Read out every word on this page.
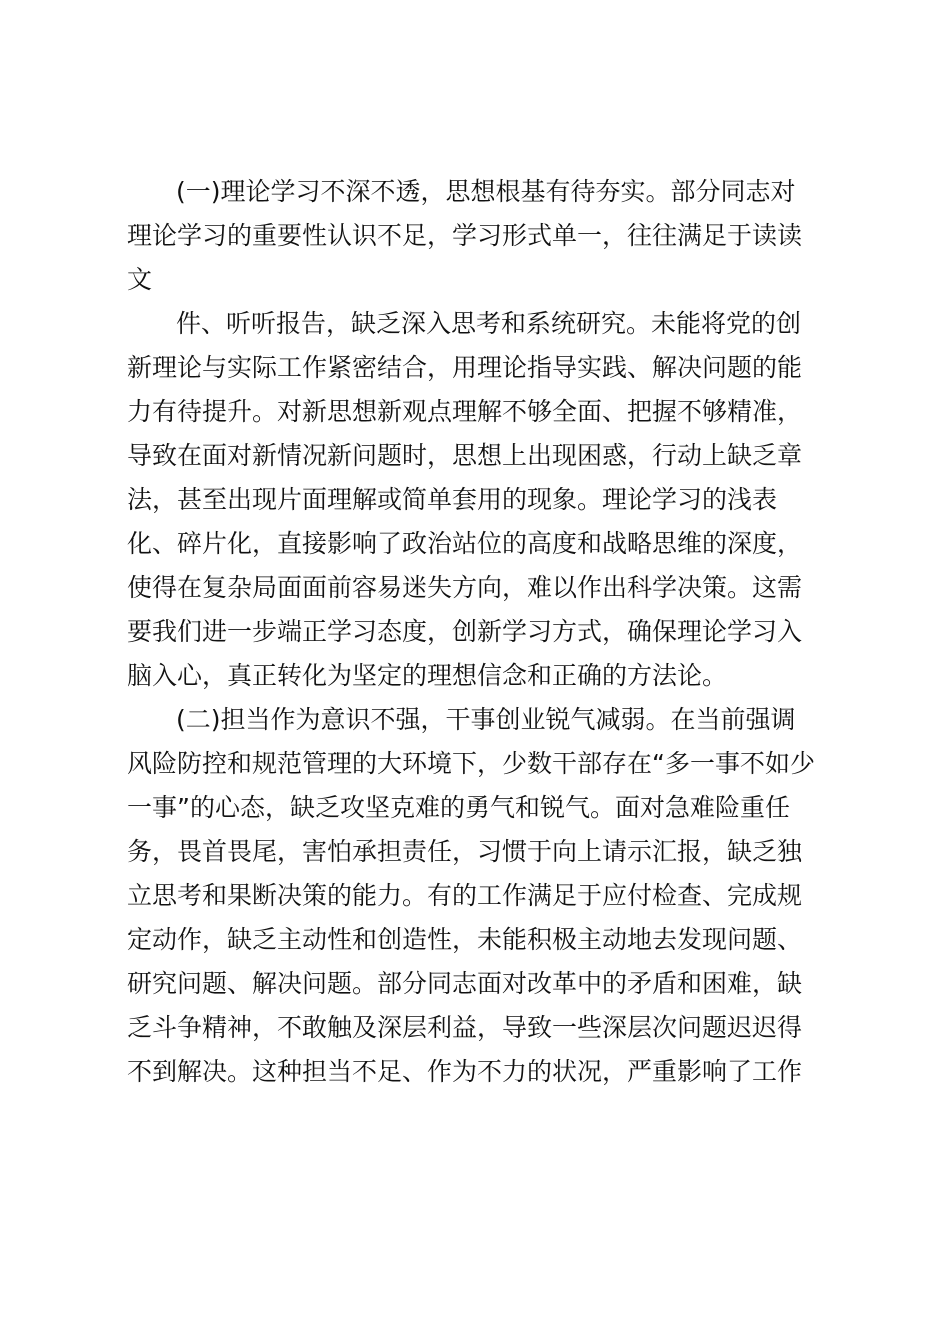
(一)理论学习不深不透，思想根基有待夯实。部分同志对
理论学习的重要性认识不足，学习形式单一，往往满足于读读
文
件、听听报告，缺乏深入思考和系统研究。未能将党的创
新理论与实际工作紧密结合，用理论指导实践、解决问题的能
力有待提升。对新思想新观点理解不够全面、把握不够精准，
导致在面对新情况新问题时，思想上出现困惑，行动上缺乏章
法，甚至出现片面理解或简单套用的现象。理论学习的浅表
化、碎片化，直接影响了政治站位的高度和战略思维的深度，
使得在复杂局面面前容易迷失方向，难以作出科学决策。这需
要我们进一步端正学习态度，创新学习方式，确保理论学习入
脑入心，真正转化为坚定的理想信念和正确的方法论。
(二)担当作为意识不强，干事创业锐气减弱。在当前强调
风险防控和规范管理的大环境下，少数干部存在“多一事不如少
一事”的心态，缺乏攻坚克难的勇气和锐气。面对急难险重任
务，畏首畏尾，害怕承担责任，习惯于向上请示汇报，缺乏独
立思考和果断决策的能力。有的工作满足于应付检查、完成规
定动作，缺乏主动性和创造性，未能积极主动地去发现问题、
研究问题、解决问题。部分同志面对改革中的矛盾和困难，缺
乏斗争精神，不敢触及深层利益，导致一些深层次问题迟迟得
不到解决。这种担当不足、作为不力的状况，严重影响了工作
